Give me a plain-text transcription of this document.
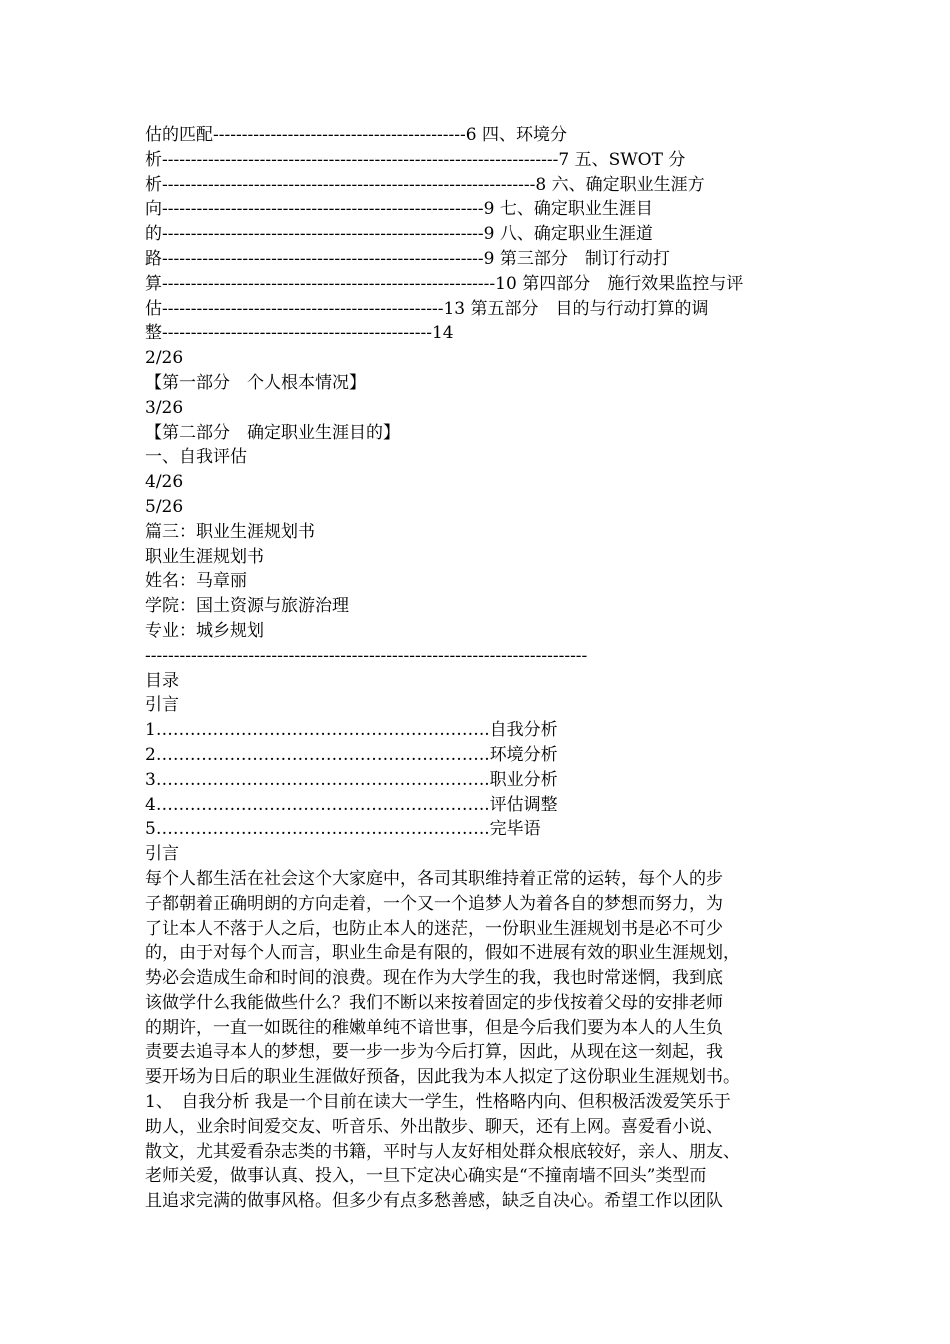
估的匹配--------------------------------------------6 四、环境分
析---------------------------------------------------------------------7 五、SWOT 分
析-----------------------------------------------------------------8 六、确定职业生涯方
向--------------------------------------------------------9 七、确定职业生涯目
的--------------------------------------------------------9 八、确定职业生涯道
路--------------------------------------------------------9 第三部分　制订行动打
算----------------------------------------------------------10 第四部分　施行效果监控与评
估-------------------------------------------------13 第五部分　目的与行动打算的调
整-----------------------------------------------14
2/26
【第一部分　个人根本情况】
3/26
【第二部分　确定职业生涯目的】
一、自我评估
4/26
5/26
篇三：职业生涯规划书
职业生涯规划书
姓名：马章丽
学院：国土资源与旅游治理
专业：城乡规划
-----------------------------------------------------------------------------
目录
引言
1…………………………………………………..自我分析
2…………………………………………………..环境分析
3…………………………………………………..职业分析
4…………………………………………………..评估调整
5…………………………………………………..完毕语
引言
每个人都生活在社会这个大家庭中，各司其职维持着正常的运转，每个人的步
子都朝着正确明朗的方向走着，一个又一个追梦人为着各自的梦想而努力，为
了让本人不落于人之后，也防止本人的迷茫，一份职业生涯规划书是必不可少
的，由于对每个人而言，职业生命是有限的，假如不进展有效的职业生涯规划，
势必会造成生命和时间的浪费。现在作为大学生的我，我也时常迷惘，我到底
该做学什么我能做些什么？我们不断以来按着固定的步伐按着父母的安排老师
的期许，一直一如既往的稚嫩单纯不谙世事，但是今后我们要为本人的人生负
责要去追寻本人的梦想，要一步一步为今后打算，因此，从现在这一刻起，我
要开场为日后的职业生涯做好预备，因此我为本人拟定了这份职业生涯规划书。
1、　自我分析 我是一个目前在读大一学生，性格略内向、但积极活泼爱笑乐于
助人，业余时间爱交友、听音乐、外出散步、聊天，还有上网。喜爱看小说、
散文，尤其爱看杂志类的书籍，平时与人友好相处群众根底较好，亲人、朋友、
老师关爱，做事认真、投入，一旦下定决心确实是“不撞南墙不回头”类型而
且追求完满的做事风格。但多少有点多愁善感，缺乏自决心。希望工作以团队
